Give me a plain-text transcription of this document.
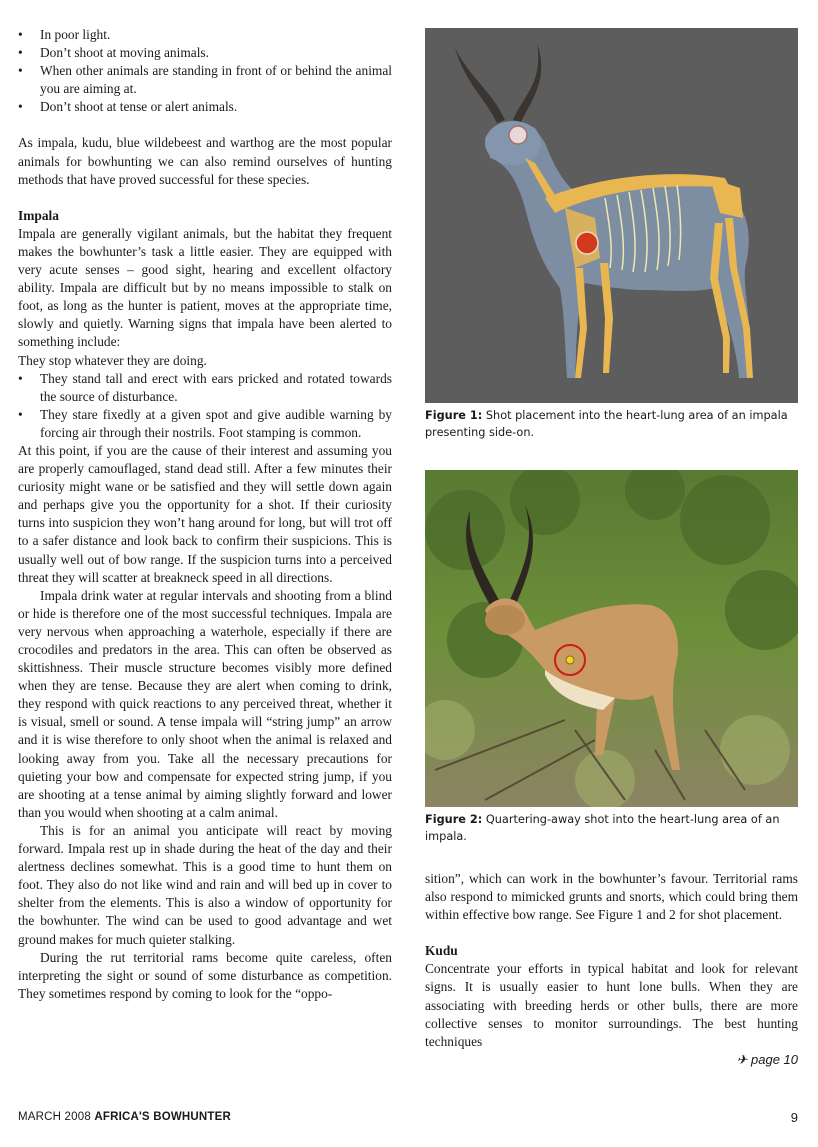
• In poor light.
• Don’t shoot at moving animals.
• When other animals are standing in front of or behind the animal you are aiming at.
• Don’t shoot at tense or alert animals.

As impala, kudu, blue wildebeest and warthog are the most popular animals for bowhunting we can also remind ourselves of hunting methods that have proved successful for these species.

Impala

Impala are generally vigilant animals, but the habitat they frequent makes the bowhunter’s task a little easier. They are equipped with very acute senses – good sight, hearing and excellent olfactory ability. Impala are difficult but by no means impossible to stalk on foot, as long as the hunter is patient, moves at the appropriate time, slowly and quietly. Warning signs that impala have been alerted to something include:

They stop whatever they are doing.

• They stand tall and erect with ears pricked and rotated towards the source of disturbance.
• They stare fixedly at a given spot and give audible warning by forcing air through their nostrils. Foot stamping is common.

At this point, if you are the cause of their interest and assuming you are properly camouflaged, stand dead still. After a few minutes their curiosity might wane or be satisfied and they will settle down again and perhaps give you the opportunity for a shot. If their curiosity turns into suspicion they won’t hang around for long, but will trot off to a safer distance and look back to confirm their suspicions. This is usually well out of bow range. If the suspicion turns into a perceived threat they will scatter at breakneck speed in all directions.

Impala drink water at regular intervals and shooting from a blind or hide is therefore one of the most successful techniques. Impala are very nervous when approaching a waterhole, especially if there are crocodiles and predators in the area. This can often be observed as skittishness. Their muscle structure becomes visibly more defined when they are tense. Because they are alert when coming to drink, they respond with quick reactions to any perceived threat, whether it is visual, smell or sound. A tense impala will “string jump” an arrow and it is wise therefore to only shoot when the animal is relaxed and looking away from you. Take all the necessary precautions for quieting your bow and compensate for expected string jump, if you are shooting at a tense animal by aiming slightly forward and lower than you would when shooting at a calm animal.

This is for an animal you anticipate will react by moving forward. Impala rest up in shade during the heat of the day and their alertness declines somewhat. This is a good time to hunt them on foot. They also do not like wind and rain and will bed up in cover to shelter from the elements. This is also a window of opportunity for the bowhunter. The wind can be used to good advantage and wet ground makes for much quieter stalking.

During the rut territorial rams become quite careless, often interpreting the sight or sound of some disturbance as competition. They sometimes respond by coming to look for the “oppo-

Figure 1: Shot placement into the heart-lung area of an impala presenting side-on.
Figure 2: Quartering-away shot into the heart-lung area of an impala.

sition”, which can work in the bowhunter’s favour. Territorial rams also respond to mimicked grunts and snorts, which could bring them within effective bow range. See Figure 1 and 2 for shot placement.

Kudu

Concentrate your efforts in typical habitat and look for relevant signs. It is usually easier to hunt lone bulls. When they are associating with breeding herds or other bulls, there are more collective senses to monitor surroundings. The best hunting techniques

✈ page 10
MARCH 2008 AFRICA'S BOWHUNTER	9
